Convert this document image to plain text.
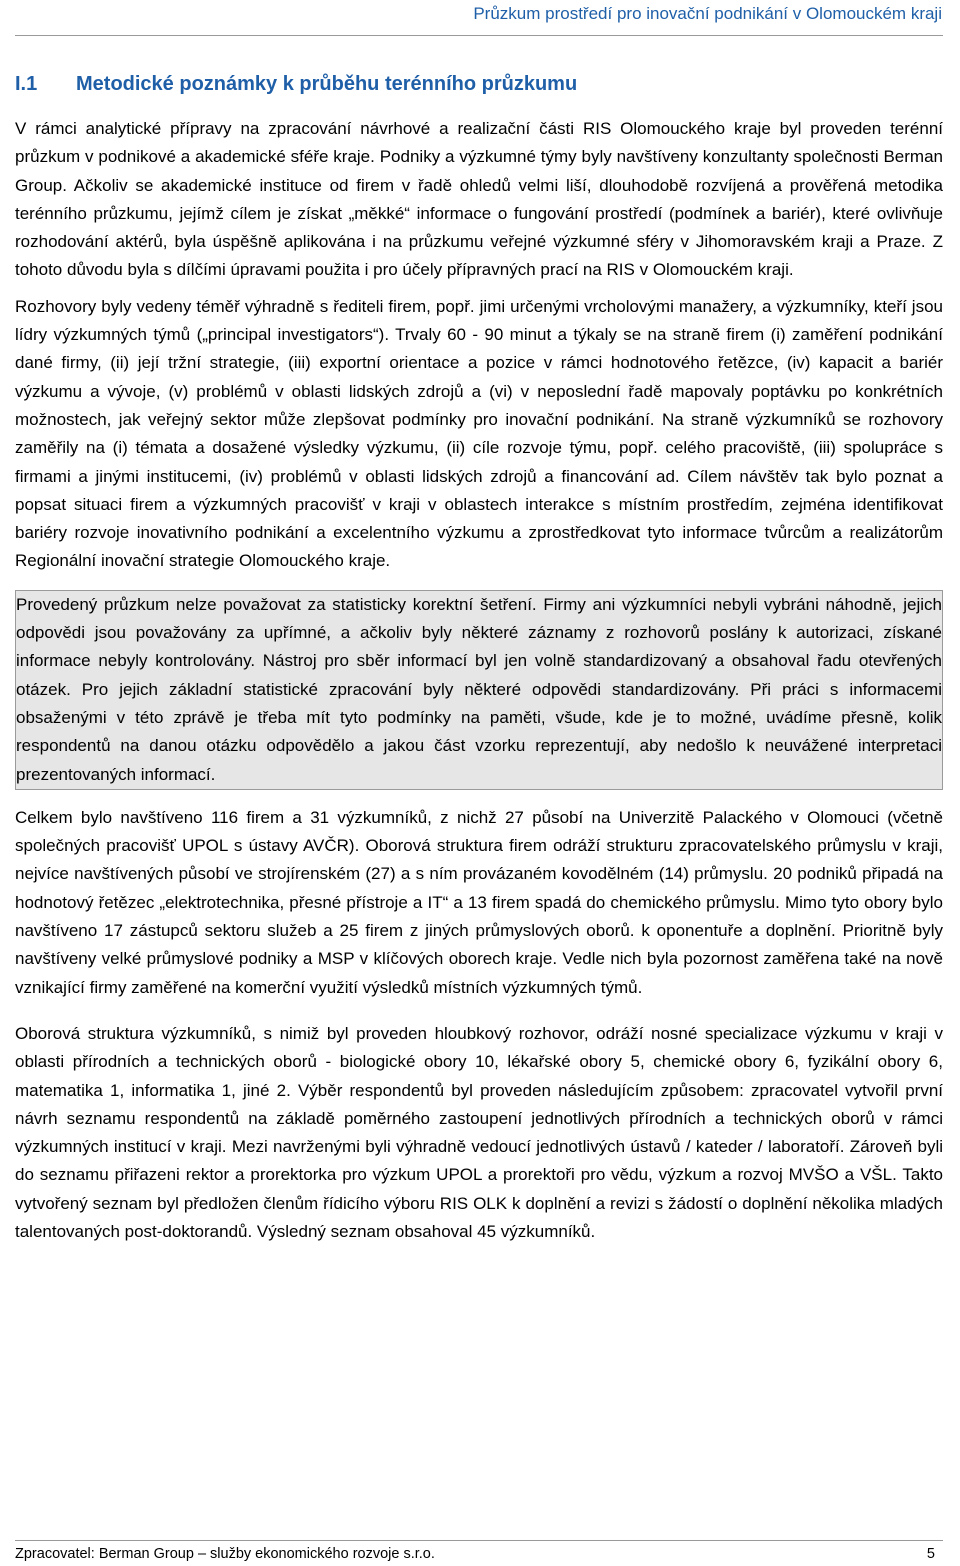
Průzkum prostředí pro inovační podnikání v Olomouckém kraji
I.1 Metodické poznámky k průběhu terénního průzkumu

V rámci analytické přípravy na zpracování návrhové a realizační části RIS Olomouckého kraje byl proveden terénní průzkum v podnikové a akademické sféře kraje. Podniky a výzkumné týmy byly navštíveny konzultanty společnosti Berman Group. Ačkoliv se akademické instituce od firem v řadě ohledů velmi liší, dlouhodobě rozvíjená a prověřená metodika terénního průzkumu, jejímž cílem je získat „měkké“ informace o fungování prostředí (podmínek a bariér), které ovlivňuje rozhodování aktérů, byla úspěšně aplikována i na průzkumu veřejné výzkumné sféry v Jihomoravském kraji a Praze. Z tohoto důvodu byla s dílčími úpravami použita i pro účely přípravných prací na RIS v Olomouckém kraji.

Rozhovory byly vedeny téměř výhradně s řediteli firem, popř. jimi určenými vrcholovými manažery, a výzkumníky, kteří jsou lídry výzkumných týmů („principal investigators“). Trvaly 60 - 90 minut a týkaly se na straně firem (i) zaměření podnikání dané firmy, (ii) její tržní strategie, (iii) exportní orientace a pozice v rámci hodnotového řetězce, (iv) kapacit a bariér výzkumu a vývoje, (v) problémů v oblasti lidských zdrojů a (vi) v neposlední řadě mapovaly poptávku po konkrétních možnostech, jak veřejný sektor může zlepšovat podmínky pro inovační podnikání. Na straně výzkumníků se rozhovory zaměřily na (i) témata a dosažené výsledky výzkumu, (ii) cíle rozvoje týmu, popř. celého pracoviště, (iii) spolupráce s firmami a jinými institucemi, (iv) problémů v oblasti lidských zdrojů a financování ad. Cílem návštěv tak bylo poznat a popsat situaci firem a výzkumných pracovišť v kraji v oblastech interakce s místním prostředím, zejména identifikovat bariéry rozvoje inovativního podnikání a excelentního výzkumu a zprostředkovat tyto informace tvůrcům a realizátorům Regionální inovační strategie Olomouckého kraje.

Provedený průzkum nelze považovat za statisticky korektní šetření. Firmy ani výzkumníci nebyli vybráni náhodně, jejich odpovědi jsou považovány za upřímné, a ačkoliv byly některé záznamy z rozhovorů poslány k autorizaci, získané informace nebyly kontrolovány. Nástroj pro sběr informací byl jen volně standardizovaný a obsahoval řadu otevřených otázek. Pro jejich základní statistické zpracování byly některé odpovědi standardizovány. Při práci s informacemi obsaženými v této zprávě je třeba mít tyto podmínky na paměti, všude, kde je to možné, uvádíme přesně, kolik respondentů na danou otázku odpovědělo a jakou část vzorku reprezentují, aby nedošlo k neuvážené interpretaci prezentovaných informací.

Celkem bylo navštíveno 116 firem a 31 výzkumníků, z nichž 27 působí na Univerzitě Palackého v Olomouci (včetně společných pracovišť UPOL s ústavy AVČR). Oborová struktura firem odráží strukturu zpracovatelského průmyslu v kraji, nejvíce navštívených působí ve strojírenském (27) a s ním provázaném kovodělném (14) průmyslu. 20 podniků připadá na hodnotový řetězec „elektrotechnika, přesné přístroje a IT“ a 13 firem spadá do chemického průmyslu. Mimo tyto obory bylo navštíveno 17 zástupců sektoru služeb a 25 firem z jiných průmyslových oborů. k oponentuře a doplnění. Prioritně byly navštíveny velké průmyslové podniky a MSP v klíčových oborech kraje. Vedle nich byla pozornost zaměřena také na nově vznikající firmy zaměřené na komerční využití výsledků místních výzkumných týmů.

Oborová struktura výzkumníků, s nimiž byl proveden hloubkový rozhovor, odráží nosné specializace výzkumu v kraji v oblasti přírodních a technických oborů - biologické obory 10, lékařské obory 5, chemické obory 6, fyzikální obory 6, matematika 1, informatika 1, jiné 2. Výběr respondentů byl proveden následujícím způsobem: zpracovatel vytvořil první návrh seznamu respondentů na základě poměrného zastoupení jednotlivých přírodních a technických oborů v rámci výzkumných institucí v kraji. Mezi navrženými byli výhradně vedoucí jednotlivých ústavů / kateder / laboratoří. Zároveň byli do seznamu přiřazeni rektor a prorektorka pro výzkum UPOL a prorektoři pro vědu, výzkum a rozvoj MVŠO a VŠL. Takto vytvořený seznam byl předložen členům řídicího výboru RIS OLK k doplnění a revizi s žádostí o doplnění několika mladých talentovaných post-doktorandů. Výsledný seznam obsahoval 45 výzkumníků.

Zpracovatel: Berman Group – služby ekonomického rozvoje s.r.o.	5
